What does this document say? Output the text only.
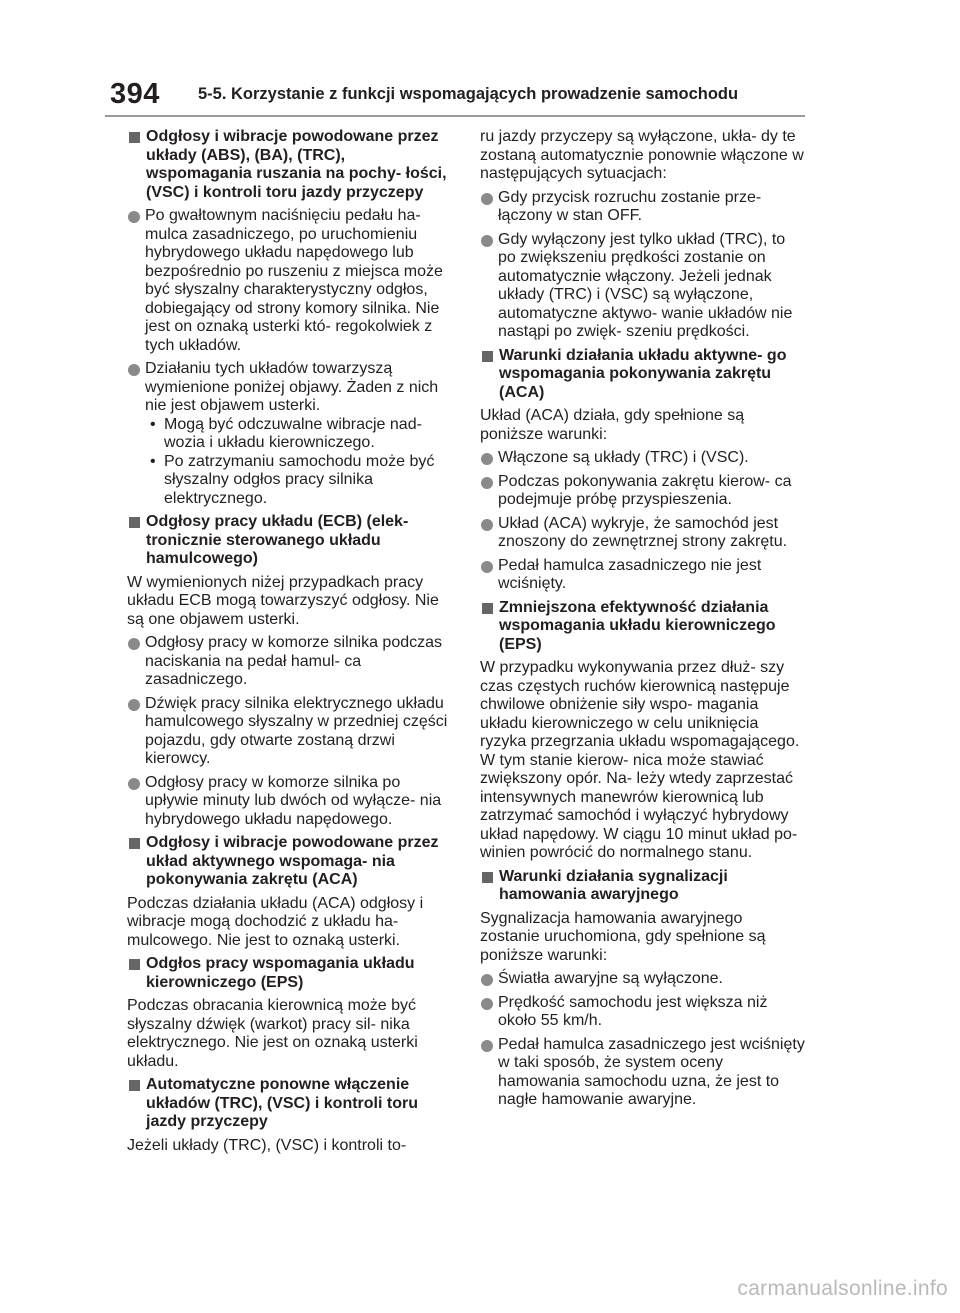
394 5-5. Korzystanie z funkcji wspomagających prowadzenie samochodu
Odgłosy i wibracje powodowane przez układy (ABS), (BA), (TRC), wspomagania ruszania na pochy- łości, (VSC) i kontroli toru jazdy przyczepy
Po gwałtownym naciśnięciu pedału ha- mulca zasadniczego, po uruchomieniu hybrydowego układu napędowego lub bezpośrednio po ruszeniu z miejsca może być słyszalny charakterystyczny odgłos, dobiegający od strony komory silnika. Nie jest on oznaką usterki któ- regokolwiek z tych układów.
Działaniu tych układów towarzyszą wymienione poniżej objawy. Żaden z nich nie jest objawem usterki.
• Mogą być odczuwalne wibracje nad- wozia i układu kierowniczego.
• Po zatrzymaniu samochodu może być słyszalny odgłos pracy silnika elektrycznego.
Odgłosy pracy układu (ECB) (elek- tronicznie sterowanego układu hamulcowego)
W wymienionych niżej przypadkach pracy układu ECB mogą towarzyszyć odgłosy. Nie są one objawem usterki.
Odgłosy pracy w komorze silnika podczas naciskania na pedał hamul- ca zasadniczego.
Dźwięk pracy silnika elektrycznego układu hamulcowego słyszalny w przedniej części pojazdu, gdy otwarte zostaną drzwi kierowcy.
Odgłosy pracy w komorze silnika po upływie minuty lub dwóch od wyłącze- nia hybrydowego układu napędowego.
Odgłosy i wibracje powodowane przez układ aktywnego wspomaga- nia pokonywania zakrętu (ACA)
Podczas działania układu (ACA) odgłosy i wibracje mogą dochodzić z układu ha- mulcowego. Nie jest to oznaką usterki.
Odgłos pracy wspomagania układu kierowniczego (EPS)
Podczas obracania kierownicą może być słyszalny dźwięk (warkot) pracy sil- nika elektrycznego. Nie jest on oznaką usterki układu.
Automatyczne ponowne włączenie układów (TRC), (VSC) i kontroli toru jazdy przyczepy
Jeżeli układy (TRC), (VSC) i kontroli to-
ru jazdy przyczepy są wyłączone, ukła- dy te zostaną automatycznie ponownie włączone w następujących sytuacjach:
Gdy przycisk rozruchu zostanie prze- łączony w stan OFF.
Gdy wyłączony jest tylko układ (TRC), to po zwiększeniu prędkości zostanie on automatycznie włączony. Jeżeli jednak układy (TRC) i (VSC) są wyłączone, automatyczne aktywo- wanie układów nie nastąpi po zwięk- szeniu prędkości.
Warunki działania układu aktywne- go wspomagania pokonywania zakrętu (ACA)
Układ (ACA) działa, gdy spełnione są poniższe warunki:
Włączone są układy (TRC) i (VSC).
Podczas pokonywania zakrętu kierow- ca podejmuje próbę przyspieszenia.
Układ (ACA) wykryje, że samochód jest znoszony do zewnętrznej strony zakrętu.
Pedał hamulca zasadniczego nie jest wciśnięty.
Zmniejszona efektywność działania wspomagania układu kierowniczego (EPS)
W przypadku wykonywania przez dłuż- szy czas częstych ruchów kierownicą następuje chwilowe obniżenie siły wspo- magania układu kierowniczego w celu uniknięcia ryzyka przegrzania układu wspomagającego. W tym stanie kierow- nica może stawiać zwiększony opór. Na- leży wtedy zaprzestać intensywnych manewrów kierownicą lub zatrzymać samochód i wyłączyć hybrydowy układ napędowy. W ciągu 10 minut układ po- winien powrócić do normalnego stanu.
Warunki działania sygnalizacji hamowania awaryjnego
Sygnalizacja hamowania awaryjnego zostanie uruchomiona, gdy spełnione są poniższe warunki:
Światła awaryjne są wyłączone.
Prędkość samochodu jest większa niż około 55 km/h.
Pedał hamulca zasadniczego jest wciśnięty w taki sposób, że system oceny hamowania samochodu uzna, że jest to nagłe hamowanie awaryjne.
carmanualsonline.info
